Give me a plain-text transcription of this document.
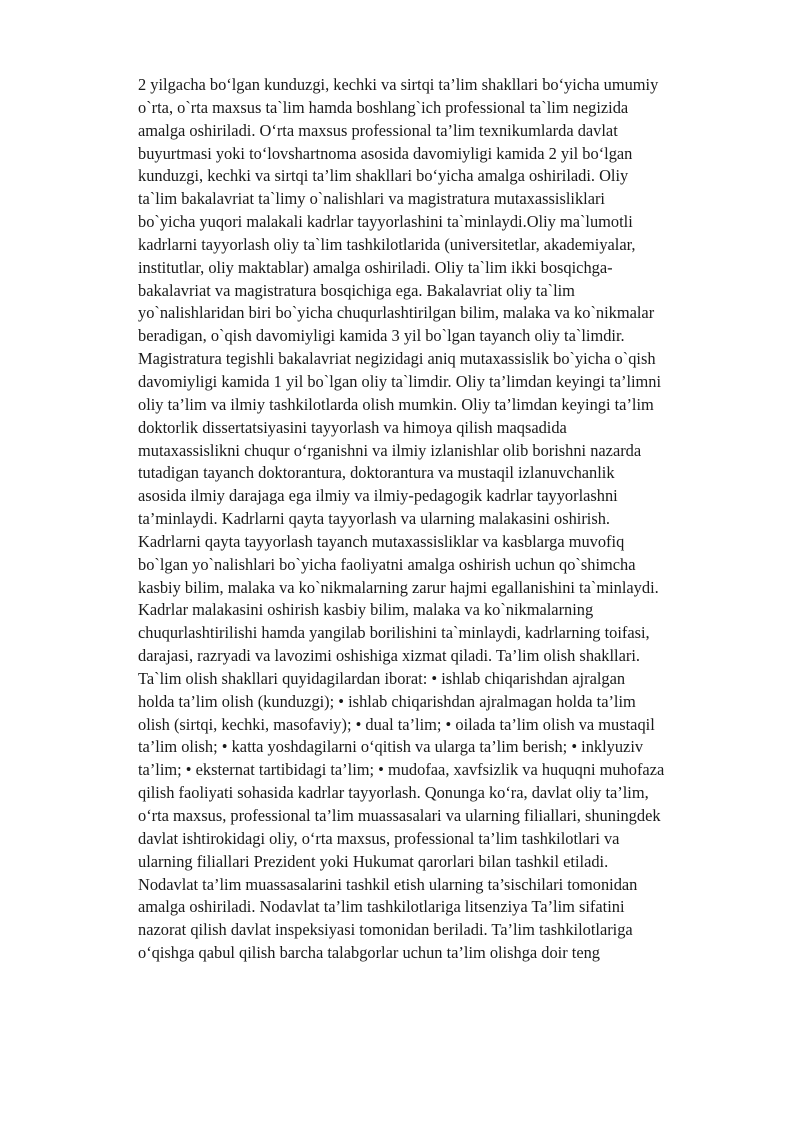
2 yilgacha bo‘lgan kunduzgi, kechki va sirtqi ta’lim shakllari bo‘yicha umumiy
o`rta, o`rta maxsus ta`lim hamda boshlang`ich professional ta`lim negizida
amalga oshiriladi. O‘rta maxsus professional ta’lim texnikumlarda davlat
buyurtmasi yoki to‘lovshartnoma asosida davomiyligi kamida 2 yil bo‘lgan
kunduzgi, kechki va sirtqi ta’lim shakllari bo‘yicha amalga oshiriladi. Oliy
ta`lim bakalavriat ta`limy o`nalishlari va magistratura mutaxassisliklari
bo`yicha yuqori malakali kadrlar tayyorlashini ta`minlaydi.Oliy ma`lumotli
kadrlarni tayyorlash oliy ta`lim tashkilotlarida (universitetlar, akademiyalar,
institutlar, oliy maktablar) amalga oshiriladi. Oliy ta`lim ikki bosqichga-
bakalavriat va magistratura bosqichiga ega. Bakalavriat oliy ta`lim
yo`nalishlaridan biri bo`yicha chuqurlashtirilgan bilim, malaka va ko`nikmalar
beradigan, o`qish davomiyligi kamida 3 yil bo`lgan tayanch oliy ta`limdir.
Magistratura tegishli bakalavriat negizidagi aniq mutaxassislik bo`yicha o`qish
davomiyligi kamida 1 yil bo`lgan oliy ta`limdir. Oliy ta’limdan keyingi ta’limni
oliy ta’lim va ilmiy tashkilotlarda olish mumkin. Oliy ta’limdan keyingi ta’lim
doktorlik dissertatsiyasini tayyorlash va himoya qilish maqsadida
mutaxassislikni chuqur o‘rganishni va ilmiy izlanishlar olib borishni nazarda
tutadigan tayanch doktorantura, doktorantura va mustaqil izlanuvchanlik
asosida ilmiy darajaga ega ilmiy va ilmiy-pedagogik kadrlar tayyorlashni
ta’minlaydi. Kadrlarni qayta tayyorlash va ularning malakasini oshirish.
Kadrlarni qayta tayyorlash tayanch mutaxassisliklar va kasblarga muvofiq
bo`lgan yo`nalishlari bo`yicha faoliyatni amalga oshirish uchun qo`shimcha
kasbiy bilim, malaka va ko`nikmalarning zarur hajmi egallanishini ta`minlaydi.
Kadrlar malakasini oshirish kasbiy bilim, malaka va ko`nikmalarning
chuqurlashtirilishi hamda yangilab borilishini ta`minlaydi, kadrlarning toifasi,
darajasi, razryadi va lavozimi oshishiga xizmat qiladi. Ta’lim olish shakllari.
Ta`lim olish shakllari quyidagilardan iborat: • ishlab chiqarishdan ajralgan
holda ta’lim olish (kunduzgi); • ishlab chiqarishdan ajralmagan holda ta’lim
olish (sirtqi, kechki, masofaviy); • dual ta’lim; • oilada ta’lim olish va mustaqil
ta’lim olish; • katta yoshdagilarni o‘qitish va ularga ta’lim berish; • inklyuziv
ta’lim; • eksternat tartibidagi ta’lim; • mudofaa, xavfsizlik va huquqni muhofaza
qilish faoliyati sohasida kadrlar tayyorlash. Qonunga ko‘ra, davlat oliy ta’lim,
o‘rta maxsus, professional ta’lim muassasalari va ularning filiallari, shuningdek
davlat ishtirokidagi oliy, o‘rta maxsus, professional ta’lim tashkilotlari va
ularning filiallari Prezident yoki Hukumat qarorlari bilan tashkil etiladi.
Nodavlat ta’lim muassasalarini tashkil etish ularning ta’sischilari tomonidan
amalga oshiriladi. Nodavlat ta’lim tashkilotlariga litsenziya Ta’lim sifatini
nazorat qilish davlat inspeksiyasi tomonidan beriladi. Ta’lim tashkilotlariga
o‘qishga qabul qilish barcha talabgorlar uchun ta’lim olishga doir teng
